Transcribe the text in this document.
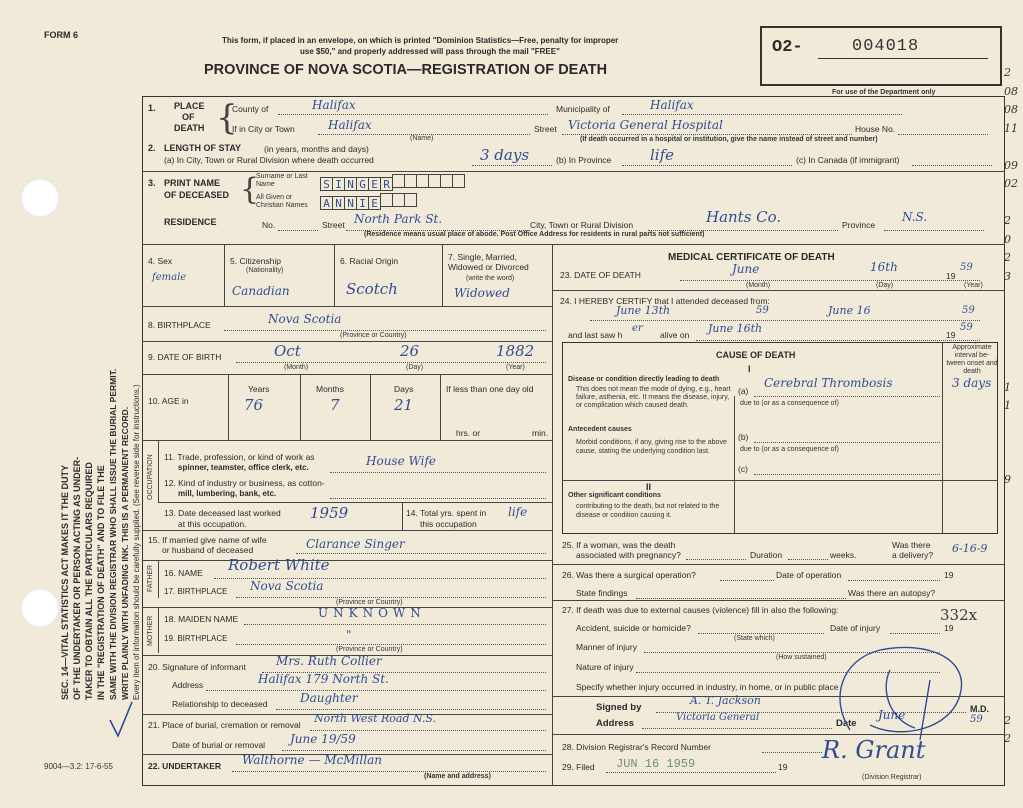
FORM 6
SEC. 14—VITAL STATISTICS ACT MAKES IT THE DUTY OF THE UNDERTAKER OR PERSON ACTING AS UNDER- TAKER TO OBTAIN ALL THE PARTICULARS REQUIRED IN THE "REGISTRATION OF DEATH" AND TO FILE THE SAME WITH THE DIVISION REGISTRAR WHO SHALL ISSUE THE BURIAL PERMIT. WRITE PLAINLY WITH UNFADING INK. THIS IS A PERMANENT RECORD. Every item of information should be carefully supplied. (See reverse side for instructions.)
This form, if placed in an envelope, on which is printed "Dominion Statistics—Free, penalty for improper
use $50," and properly addressed will pass through the mail "FREE"
PROVINCE OF NOVA SCOTIA—REGISTRATION OF DEATH
O2-	004018
For use of the Department only
2
08
08
11
09
02
2
0
2
3
1
1
9
2
2
1. PLACE
OF
DEATH {
County of	Halifax	Municipality of	Halifax
If in City or Town	Halifax
(Name)
Street Victoria General Hospital	House No.
(If death occurred in a hospital or institution, give the name instead of street and number)
2. LENGTH OF STAY	(in years, months and days)
(a) In City, Town or Rural Division where death occurred	3 days	(b) In Province	life	(c) In Canada (if immigrant)
3. PRINT NAME
OF DECEASED {
Surname or Last Name	S I N G E R
All Given or Christian Names	A N N I E
RESIDENCE	No.	Street North Park St.	City, Town or Rural Division	Hants Co.	Province
N.S.
(Residence means usual place of abode. Post Office Address for residents in rural parts not sufficient)
4. Sex
female
5. Citizenship
(Nationality)
Canadian
6. Racial Origin
Scotch
7. Single, Married, Widowed or Divorced
(write the word)
Widowed
8. BIRTHPLACE	Nova Scotia
(Province or Country)
9. DATE OF BIRTH	Oct	26	1882
(Month)	(Day)	(Year)
10. AGE in
Years	Months	Days
76	7	21
If less than one day old
hrs. or	min.
OCCUPATION 11. Trade, profession, or kind of work as
spinner, teamster, office clerk, etc.	House Wife
12. Kind of industry or business, as cotton-
mill, lumbering, bank, etc.
13. Date deceased last worked
at this occupation.
1959	14. Total yrs. spent in
this occupation
life
15. If married give name of wife
or husband of deceased	Clarance Singer
FATHER 16. NAME Robert White
17. BIRTHPLACE Nova Scotia
(Province or Country)
MOTHER 18. MAIDEN NAME	UNKNOWN
19. BIRTHPLACE	"
(Province or Country)
20. Signature of informant	Mrs. Ruth Collier
Address	Halifax 179 North St.
Relationship to deceased	Daughter
21. Place of burial, cremation or removal North West Road N.S.
Date of burial or removal June 19/59
22. UNDERTAKER Walthorne — McMillan
(Name and address)
9004—3.2: 17-6-55
MEDICAL CERTIFICATE OF DEATH
23. DATE OF DEATH	June	16th
19
59
(Month)	(Day)	(Year)
24. I HEREBY CERTIFY that I attended deceased from:
June 13th	59	June 16	59
and last saw h
er
alive on June 16th	19
59
CAUSE OF DEATH
I
Approximate interval be-tween onset and death
Disease or condition directly leading to death
This does not mean the mode of dying, e.g., heart failure, asthenia, etc. It means the disease, injury, or complication which caused death.
(a)
Cerebral Thrombosis	3 days
due to (or as a consequence of)
Antecedent causes
Morbid conditions, if any, giving rise to the above cause, stating the underlying condition last.
(b)
due to (or as a consequence of)
(c)
II
Other significant conditions
contributing to the death, but not related to the disease or condition causing it.
25. If a woman, was the death
associated with pregnancy?	Duration	weeks.
Was there
a delivery? 6-16-9
26. Was there a surgical operation?	Date of operation	19
State findings	Was there an autopsy?
27. If death was due to external causes (violence) fill in also the following:
Accident, suicide or homicide?
(State which)
Date of injury
332x
19
Manner of injury
(How sustained)
Nature of injury
Specify whether injury occurred in industry, in home, or in public place
Signed by
A. T. Jackson
M.D.
Address
Victoria General
Date
June	59
28. Division Registrar's Record Number
29. Filed JUN 16 1959	19
(Division Registrar)
R. Grant
